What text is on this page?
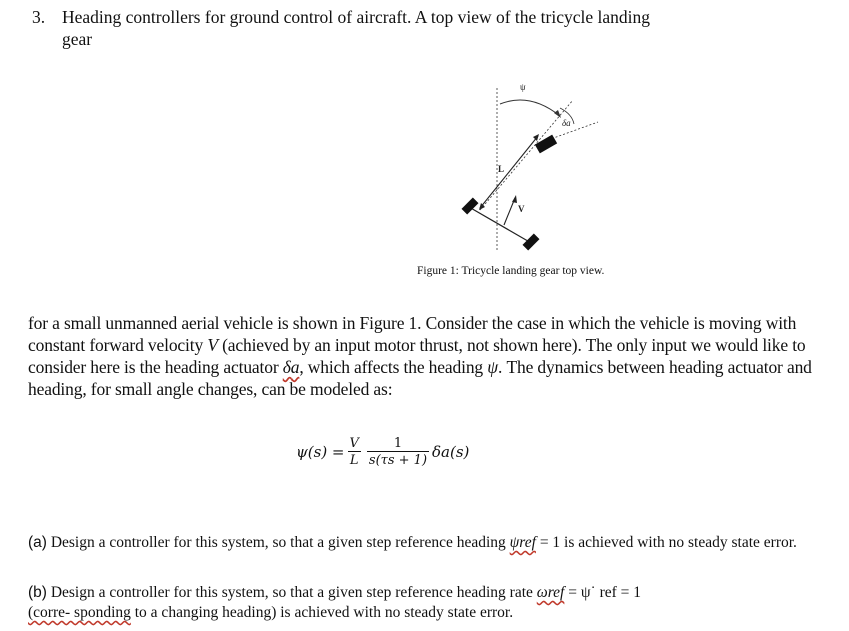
3. Heading controllers for ground control of aircraft. A top view of the tricycle landing
gear
ψ
δa
L
V
Figure 1: Tricycle landing gear top view.
for a small unmanned aerial vehicle is shown in Figure 1. Consider the case in which the vehicle is moving with constant forward velocity V (achieved by an input motor thrust, not shown here). The only input we would like to consider here is the heading actuator δa, which affects the heading ψ. The dynamics between heading actuator and heading, for small angle changes, can be modeled as:
$\psi(s) = \frac{V}{L} \frac{1}{s(\tau s + 1)} \delta a(s)$
(a) Design a controller for this system, so that a given step reference heading ψref = 1 is achieved with no steady state error.
(b) Design a controller for this system, so that a given step reference heading rate ωref = ψ˙ ref = 1
(corre- sponding to a changing heading) is achieved with no steady state error.
